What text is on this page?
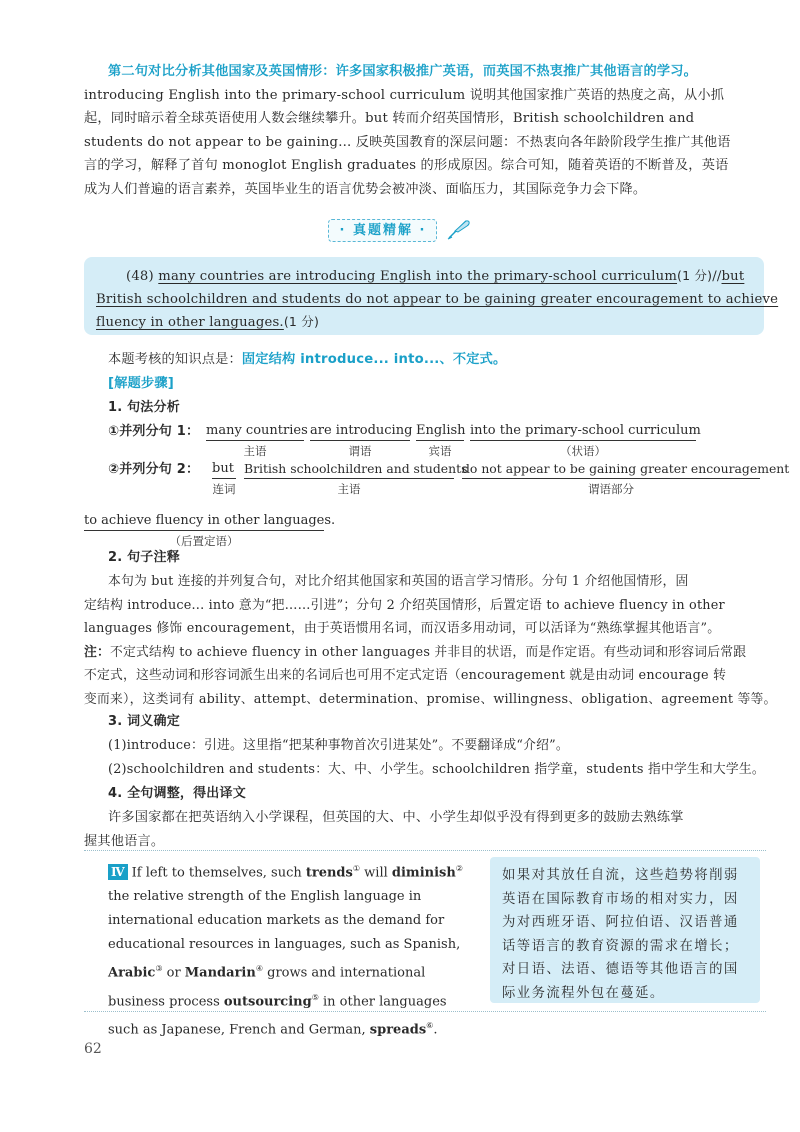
第二句对比分析其他国家及英国情形：许多国家积极推广英语，而英国不热衷推广其他语言的学习。introducing English into the primary-school curriculum 说明其他国家推广英语的热度之高，从小抓
起，同时暗示着全球英语使用人数会继续攀升。but 转而介绍英国情形，British schoolchildren and
students do not appear to be gaining... 反映英国教育的深层问题：不热衷向各年龄阶段学生推广其他语
言的学习，解释了首句 monoglot English graduates 的形成原因。综合可知，随着英语的不断普及，英语
成为人们普遍的语言素养，英国毕业生的语言优势会被冲淡、面临压力，其国际竞争力会下降。
· 真题精解 ·
(48) many countries are introducing English into the primary-school curriculum(1 分)//but
British schoolchildren and students do not appear to be gaining greater encouragement to achieve
fluency in other languages.(1 分)
本题考核的知识点是：固定结构 introduce... into...、不定式。
[解题步骤]
1. 句法分析
①并列分句 1： many countries
主语
are introducing
谓语
English
宾语
into the primary-school curriculum
（状语）
②并列分句 2： but
连词
British schoolchildren and students
主语
do not appear to be gaining greater encouragement
谓语部分
to achieve fluency in other languages.
（后置定语）
2. 句子注释
本句为 but 连接的并列复合句，对比介绍其他国家和英国的语言学习情形。分句 1 介绍他国情形，固
定结构 introduce... into 意为“把……引进”；分句 2 介绍英国情形，后置定语 to achieve fluency in other
languages 修饰 encouragement，由于英语惯用名词，而汉语多用动词，可以活译为“熟练掌握其他语言”。
注：不定式结构 to achieve fluency in other languages 并非目的状语，而是作定语。有些动词和形容词后常跟
不定式，这些动词和形容词派生出来的名词后也可用不定式定语（encouragement 就是由动词 encourage 转
变而来），这类词有 ability、attempt、determination、promise、willingness、obligation、agreement 等等。
3. 词义确定
(1)introduce：引进。这里指“把某种事物首次引进某处”。不要翻译成“介绍”。
(2)schoolchildren and students：大、中、小学生。schoolchildren 指学童，students 指中学生和大学生。
4. 全句调整，得出译文
许多国家都在把英语纳入小学课程，但英国的大、中、小学生却似乎没有得到更多的鼓励去熟练掌
握其他语言。
Ⅳ If left to themselves, such trends① will diminish② the relative strength of the English language in international education markets as the demand for educational resources in languages, such as Spanish, Arabic③ or Mandarin④ grows and international business process outsourcing⑤ in other languages such as Japanese, French and German, spreads⑥.
如果对其放任自流，这些趋势将削弱英语在国际教育市场的相对实力，因为对西班牙语、阿拉伯语、汉语普通话等语言的教育资源的需求在增长；对日语、法语、德语等其他语言的国际业务流程外包在蔓延。
62
